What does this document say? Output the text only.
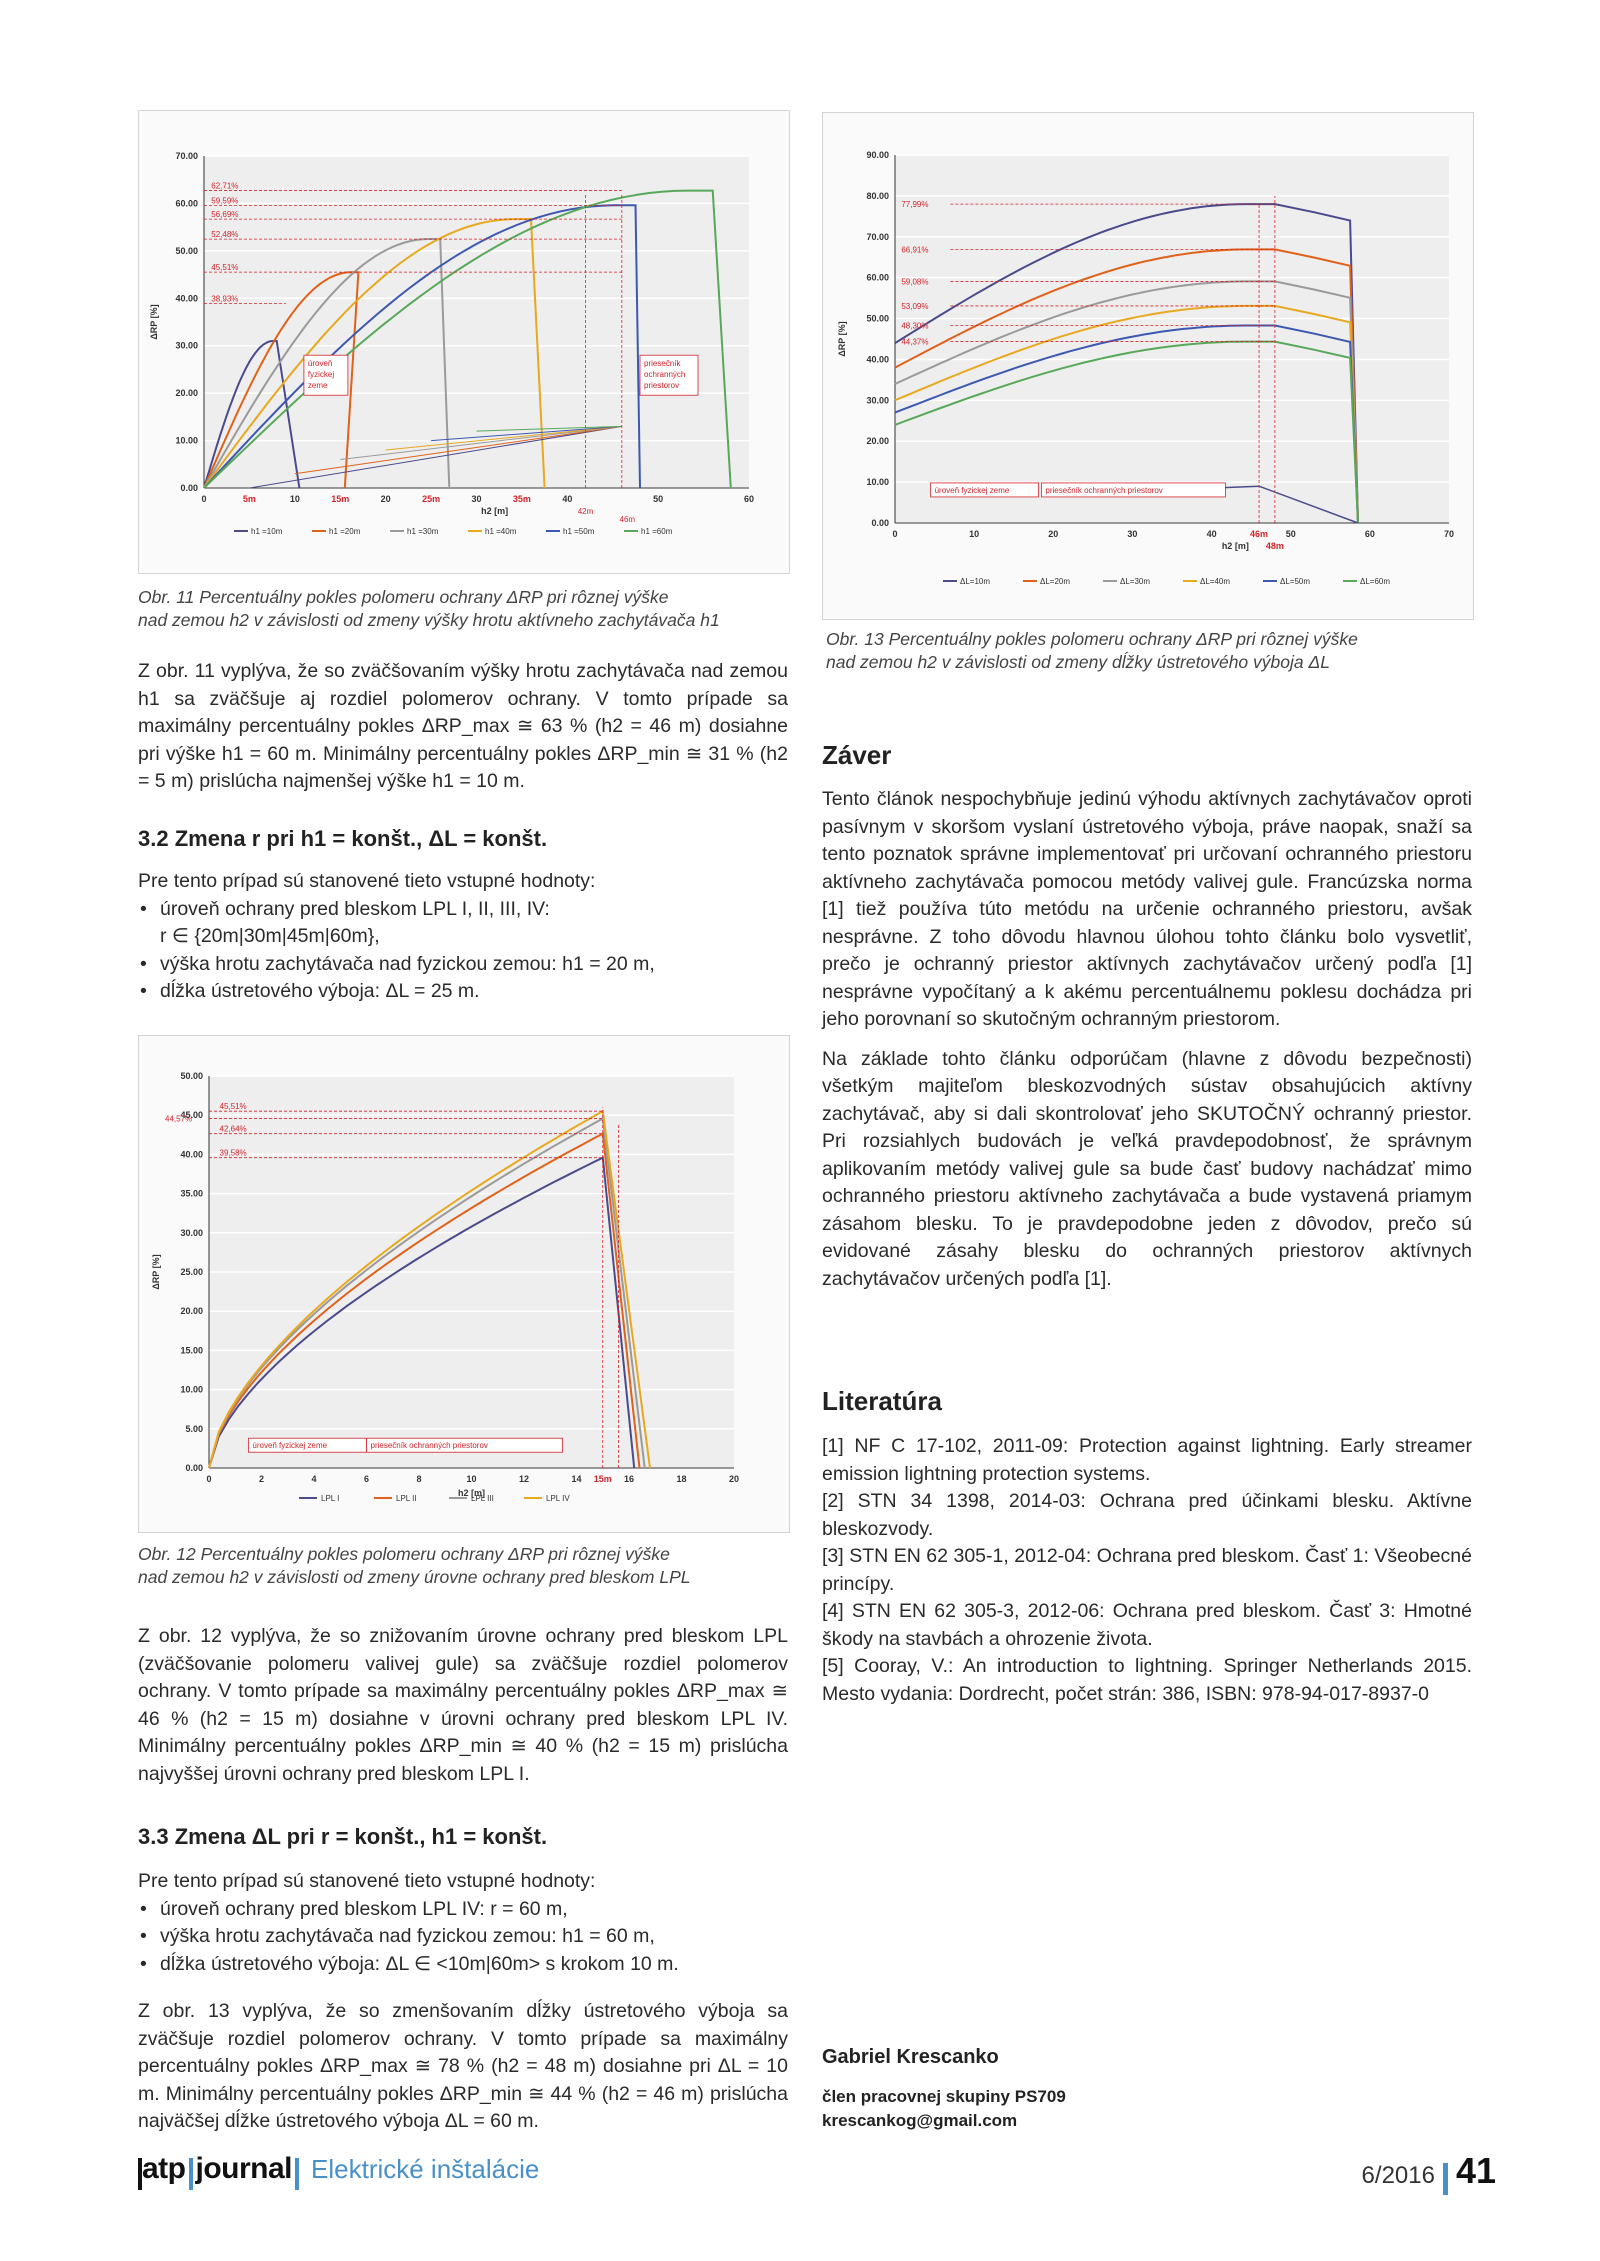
70.00
60.00
50.00
40.00
30.00
20.00
10.00
0.00
0	5m	10	15m	20	25m	30	35m	40	50	60
h2 [m]
ΔRP [%]
62,71%
59,59%
56,69%
52,48%
45,51%
38,93%
42m
46m
úroveň
fyzickej
zeme
priesečník
ochranných
priestorov
h1 =10m	h1 =20m	h1 =30m	h1 =40m	h1 =50m	h1 =60m
Obr. 11 Percentuálny pokles polomeru ochrany ΔRP pri rôznej výške
nad zemou h2 v závislosti od zmeny výšky hrotu aktívneho zachytávača h1

Z obr. 11 vyplýva, že so zväčšovaním výšky hrotu zachytávača nad zemou h1 sa zväčšuje aj rozdiel polomerov ochrany. V tomto prípade sa maximálny percentuálny pokles ΔRP_max ≅ 63 % (h2 = 46 m) dosiahne pri výške h1 = 60 m. Minimálny percentuálny pokles ΔRP_min ≅ 31 % (h2 = 5 m) prislúcha najmenšej výške h1 = 10 m.

3.2 Zmena r pri h1 = konšt., ΔL = konšt.

Pre tento prípad sú stanovené tieto vstupné hodnoty:

• úroveň ochrany pred bleskom LPL I, II, III, IV:
r ∈ {20m|30m|45m|60m},
• výška hrotu zachytávača nad fyzickou zemou: h1 = 20 m,
• dĺžka ústretového výboja: ΔL = 25 m.
50.00
45.00
40.00
35.00
30.00
25.00
20.00
15.00
10.00
5.00
0.00
0	2	4	6	8	10	12	14 15m 16	18	20
h2 [m]
ΔRP [%]
45,51%
44,57%
42,64%
39,58%
úroveň fyzickej zeme	priesečník ochranných priestorov
LPL I	LPL II	LPL III	LPL IV
Obr. 12 Percentuálny pokles polomeru ochrany ΔRP pri rôznej výške
nad zemou h2 v závislosti od zmeny úrovne ochrany pred bleskom LPL

Z obr. 12 vyplýva, že so znižovaním úrovne ochrany pred bleskom LPL (zväčšovanie polomeru valivej gule) sa zväčšuje rozdiel polomerov ochrany. V tomto prípade sa maximálny percentuálny pokles ΔRP_max ≅ 46 % (h2 = 15 m) dosiahne v úrovni ochrany pred bleskom LPL IV. Minimálny percentuálny pokles ΔRP_min ≅ 40 % (h2 = 15 m) prislúcha najvyššej úrovni ochrany pred bleskom LPL I.

3.3 Zmena ΔL pri r = konšt., h1 = konšt.

Pre tento prípad sú stanovené tieto vstupné hodnoty:

• úroveň ochrany pred bleskom LPL IV: r = 60 m,
• výška hrotu zachytávača nad fyzickou zemou: h1 = 60 m,
• dĺžka ústretového výboja: ΔL ∈ <10m|60m> s krokom 10 m.

Z obr. 13 vyplýva, že so zmenšovaním dĺžky ústretového výboja sa zväčšuje rozdiel polomerov ochrany. V tomto prípade sa maximálny percentuálny pokles ΔRP_max ≅ 78 % (h2 = 48 m) dosiahne pri ΔL = 10 m. Minimálny percentuálny pokles ΔRP_min ≅ 44 % (h2 = 46 m) prislúcha najväčšej dĺžke ústretového výboja ΔL = 60 m.

90.00
80.00
70.00
60.00
50.00
40.00
30.00
20.00
10.00
0.00
0	10	20	30	40	46m
48m
50	60	70
h2 [m]
ΔRP [%]
77,99%
66,91%
59,08%
53,09%
48,30%
44,37%
úroveň fyzickej zeme	priesečník ochranných priestorov
ΔL=10m	ΔL=20m	ΔL=30m	ΔL=40m	ΔL=50m	ΔL=60m
Obr. 13 Percentuálny pokles polomeru ochrany ΔRP pri rôznej výške
nad zemou h2 v závislosti od zmeny dĺžky ústretového výboja ΔL
Záver

Tento článok nespochybňuje jedinú výhodu aktívnych zachytávačov oproti pasívnym v skoršom vyslaní ústretového výboja, práve naopak, snaží sa tento poznatok správne implementovať pri určovaní ochranného priestoru aktívneho zachytávača pomocou metódy valivej gule. Francúzska norma [1] tiež používa túto metódu na určenie ochranného priestoru, avšak nesprávne. Z toho dôvodu hlavnou úlohou tohto článku bolo vysvetliť, prečo je ochranný priestor aktívnych zachytávačov určený podľa [1] nesprávne vypočítaný a k akému percentuálnemu poklesu dochádza pri jeho porovnaní so skutočným ochranným priestorom.

Na základe tohto článku odporúčam (hlavne z dôvodu bezpečnosti) všetkým majiteľom bleskozvodných sústav obsahujúcich aktívny zachytávač, aby si dali skontrolovať jeho SKUTOČNÝ ochranný priestor. Pri rozsiahlych budovách je veľká pravdepodobnosť, že správnym aplikovaním metódy valivej gule sa bude časť budovy nachádzať mimo ochranného priestoru aktívneho zachytávača a bude vystavená priamym zásahom blesku. To je pravdepodobne jeden z dôvodov, prečo sú evidované zásahy blesku do ochranných priestorov aktívnych zachytávačov určených podľa [1].

Literatúra

[1] NF C 17-102, 2011-09: Protection against lightning. Early streamer emission lightning protection systems.

[2] STN 34 1398, 2014-03: Ochrana pred účinkami blesku. Aktívne bleskozvody.

[3] STN EN 62 305-1, 2012-04: Ochrana pred bleskom. Časť 1: Všeobecné princípy.

[4] STN EN 62 305-3, 2012-06: Ochrana pred bleskom. Časť 3: Hmotné škody na stavbách a ohrozenie života.

[5] Cooray, V.: An introduction to lightning. Springer Netherlands 2015. Mesto vydania: Dordrecht, počet strán: 386, ISBN: 978-94-017-8937-0

Gabriel Krescanko
člen pracovnej skupiny PS709
krescankog@gmail.com
atp journal Elektrické inštalácie	6/2016 41
